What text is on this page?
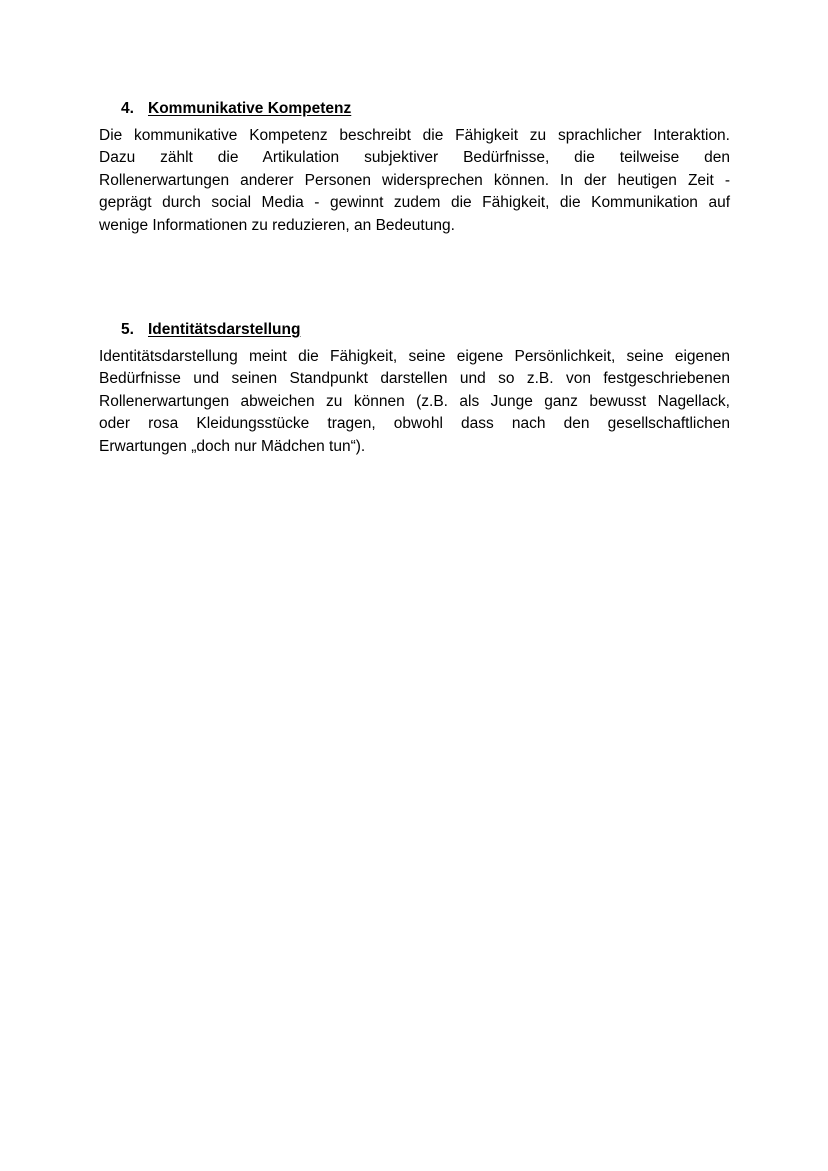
4. Kommunikative Kompetenz
Die kommunikative Kompetenz beschreibt die Fähigkeit zu sprachlicher Interaktion.
Dazu zählt die Artikulation subjektiver Bedürfnisse, die teilweise den
Rollenerwartungen anderer Personen widersprechen können. In der heutigen Zeit -
geprägt durch social Media - gewinnt zudem die Fähigkeit, die Kommunikation auf
wenige Informationen zu reduzieren, an Bedeutung.
5. Identitätsdarstellung
Identitätsdarstellung meint die Fähigkeit, seine eigene Persönlichkeit, seine eigenen
Bedürfnisse und seinen Standpunkt darstellen und so z.B. von festgeschriebenen
Rollenerwartungen abweichen zu können (z.B. als Junge ganz bewusst Nagellack,
oder rosa Kleidungsstücke tragen, obwohl dass nach den gesellschaftlichen
Erwartungen „doch nur Mädchen tun“).
